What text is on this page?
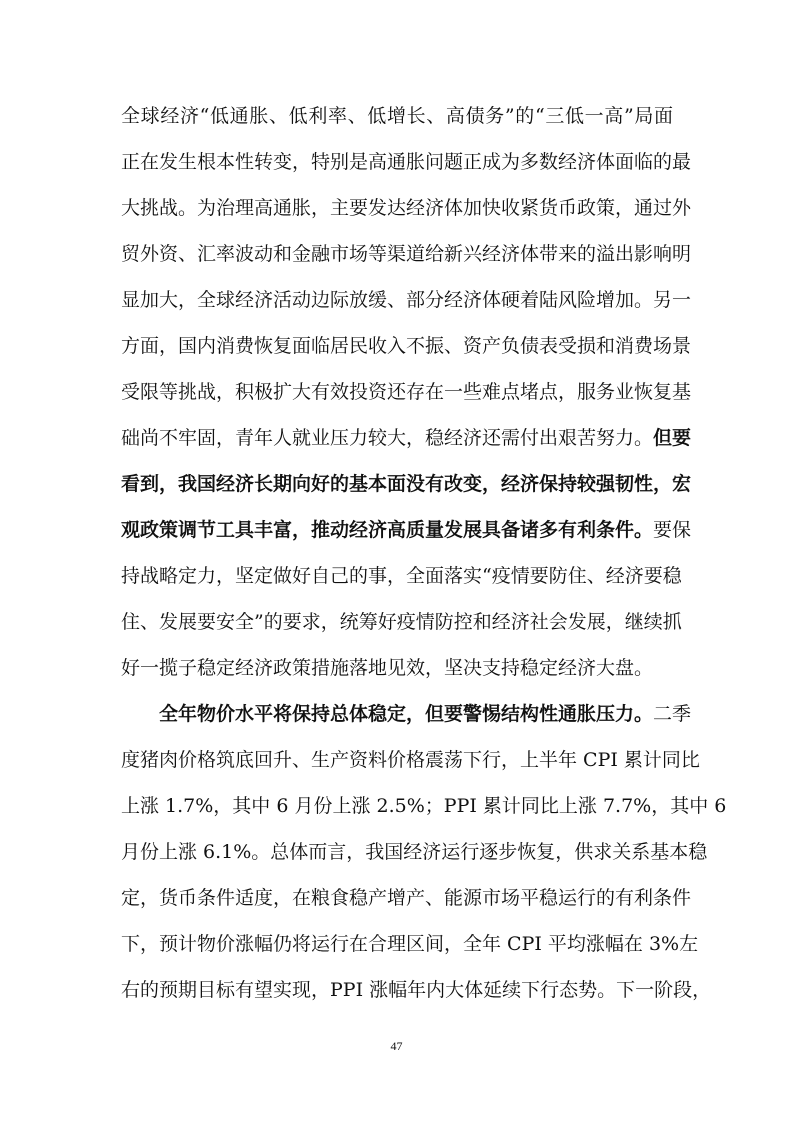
全球经济“低通胀、低利率、低增长、高债务”的“三低一高”局面
正在发生根本性转变，特别是高通胀问题正成为多数经济体面临的最
大挑战。为治理高通胀，主要发达经济体加快收紧货币政策，通过外
贸外资、汇率波动和金融市场等渠道给新兴经济体带来的溢出影响明
显加大，全球经济活动边际放缓、部分经济体硬着陆风险增加。另一
方面，国内消费恢复面临居民收入不振、资产负债表受损和消费场景
受限等挑战，积极扩大有效投资还存在一些难点堵点，服务业恢复基
础尚不牢固，青年人就业压力较大，稳经济还需付出艰苦努力。但要
看到，我国经济长期向好的基本面没有改变，经济保持较强韧性，宏
观政策调节工具丰富，推动经济高质量发展具备诸多有利条件。要保
持战略定力，坚定做好自己的事，全面落实“疫情要防住、经济要稳
住、发展要安全”的要求，统筹好疫情防控和经济社会发展，继续抓
好一揽子稳定经济政策措施落地见效，坚决支持稳定经济大盘。
全年物价水平将保持总体稳定，但要警惕结构性通胀压力。二季
度猪肉价格筑底回升、生产资料价格震荡下行，上半年 CPI 累计同比
上涨 1.7%，其中 6 月份上涨 2.5%；PPI 累计同比上涨 7.7%，其中 6
月份上涨 6.1%。总体而言，我国经济运行逐步恢复，供求关系基本稳
定，货币条件适度，在粮食稳产增产、能源市场平稳运行的有利条件
下，预计物价涨幅仍将运行在合理区间，全年 CPI 平均涨幅在 3%左
右的预期目标有望实现，PPI 涨幅年内大体延续下行态势。下一阶段，
47
